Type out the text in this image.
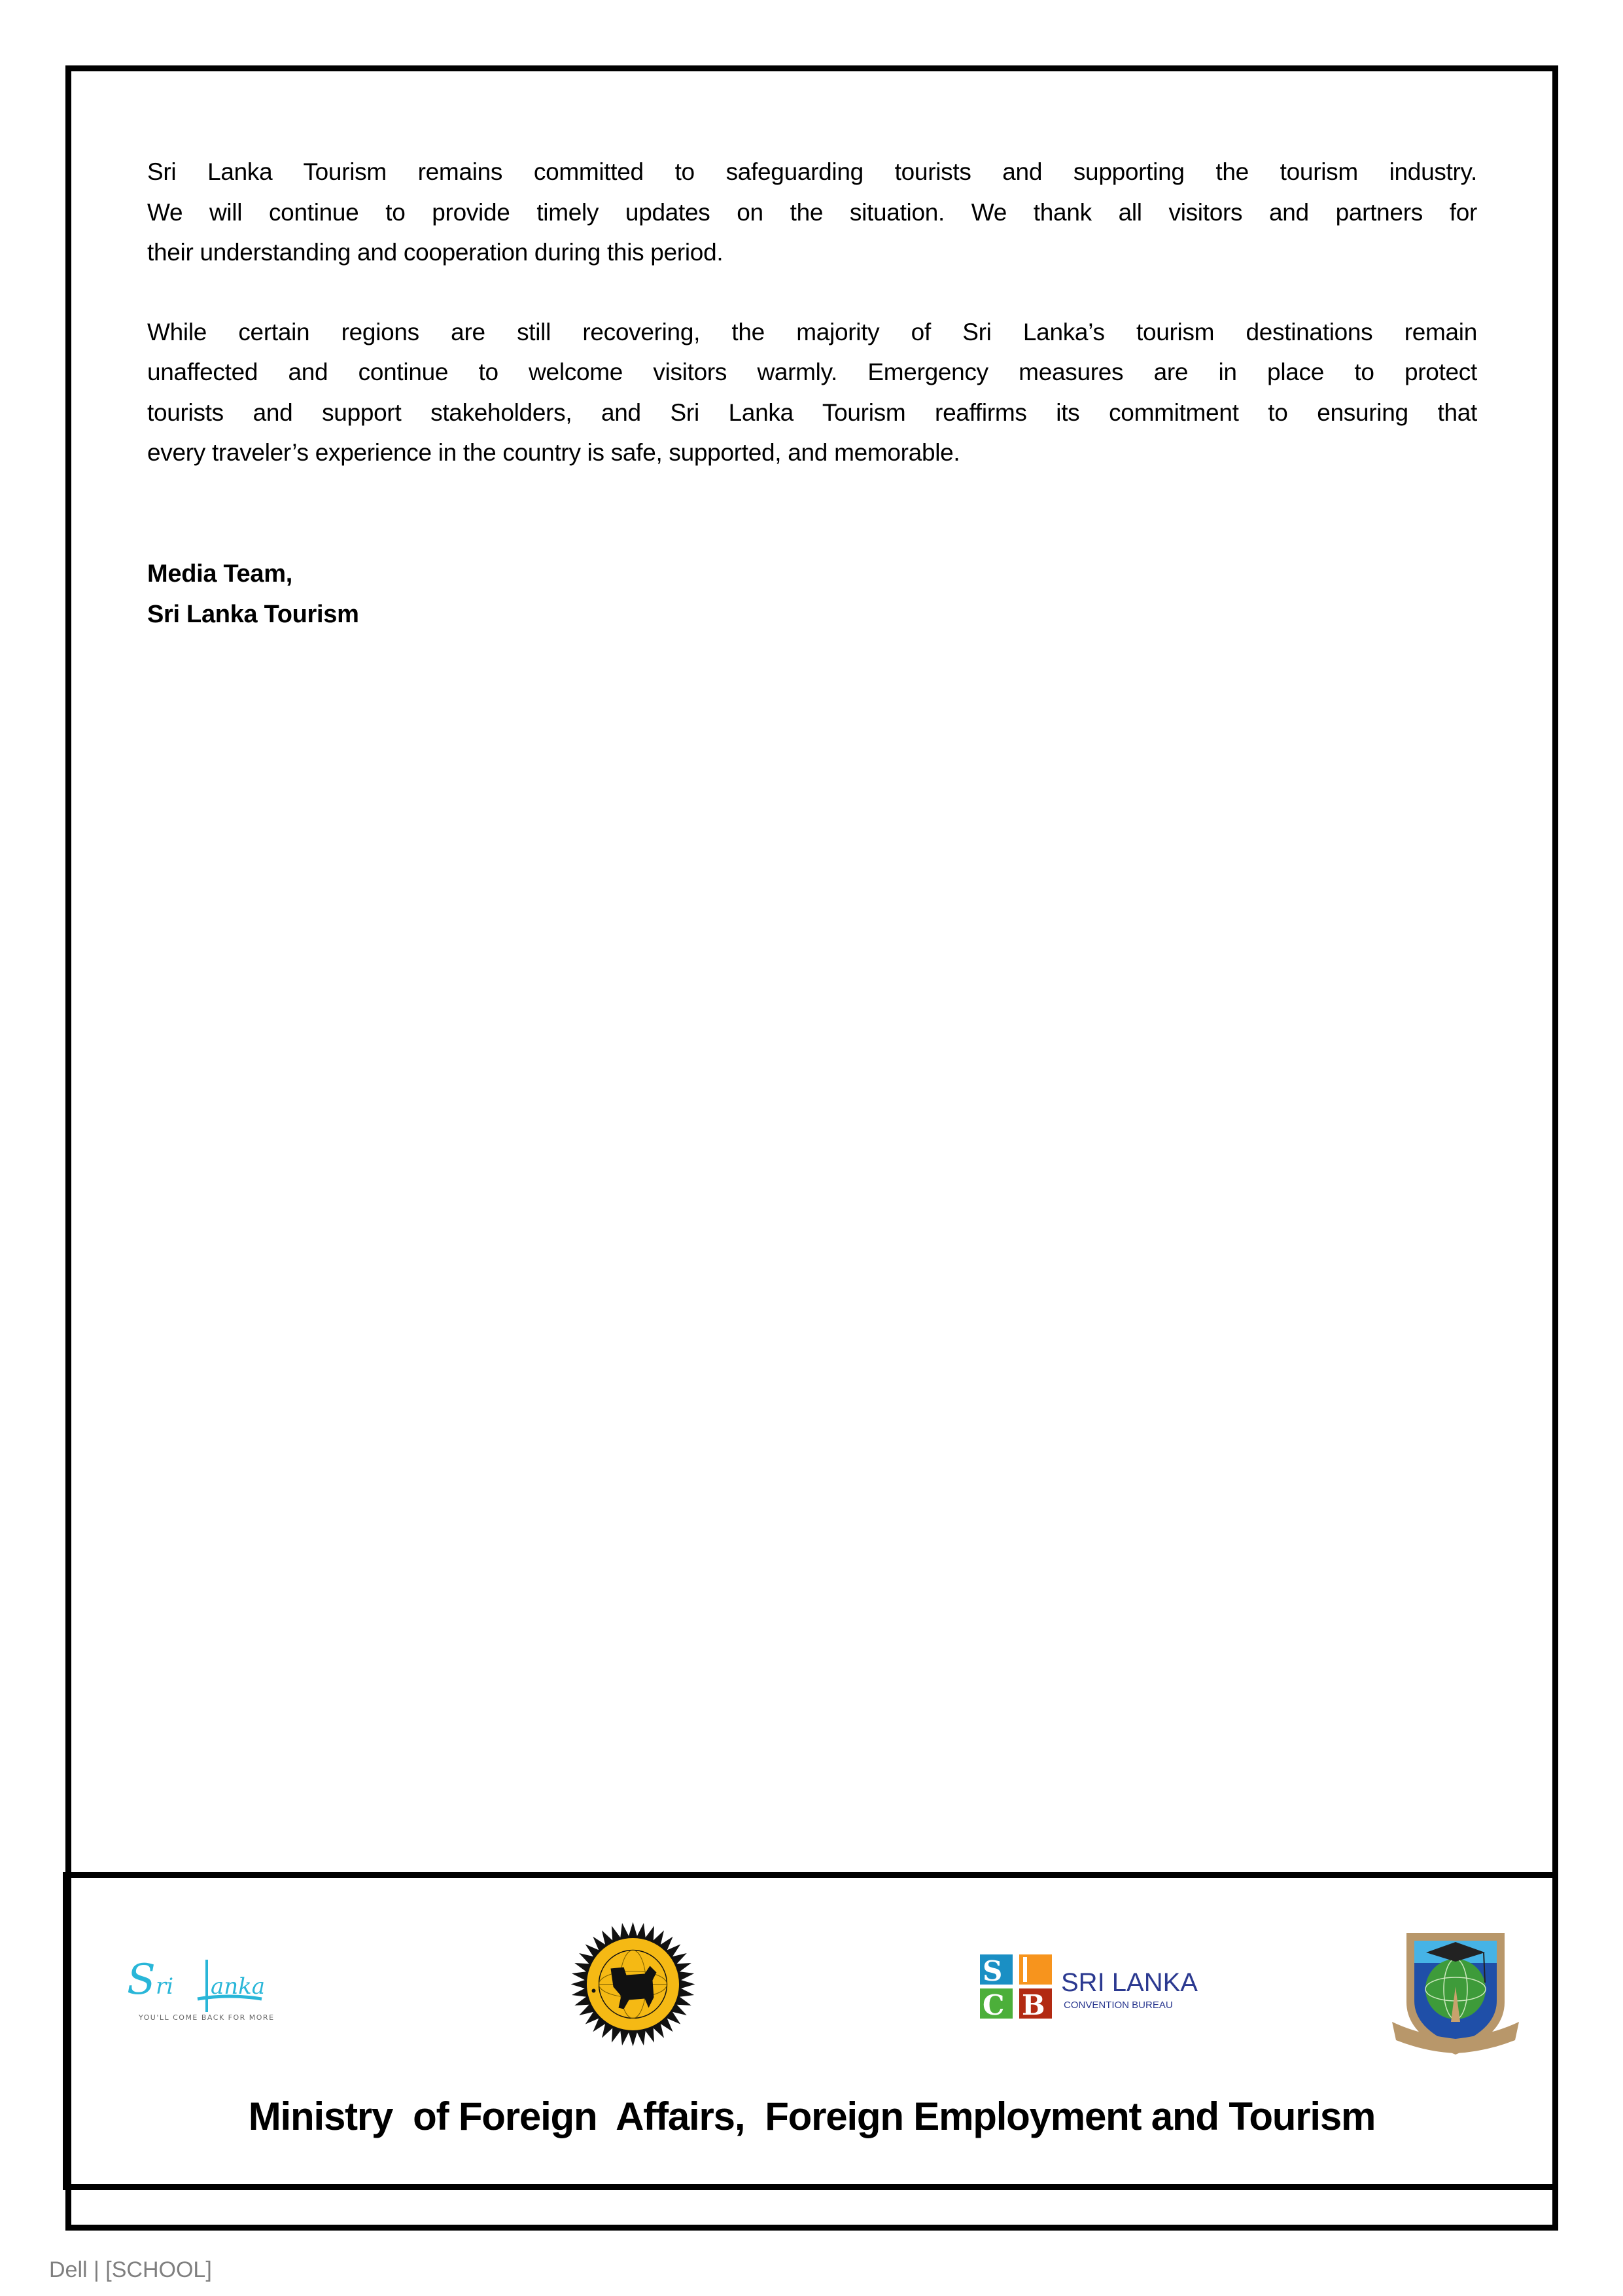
Sri Lanka Tourism remains committed to safeguarding tourists and supporting the tourism industry.
We will continue to provide timely updates on the situation. We thank all visitors and partners for
their understanding and cooperation during this period.

While certain regions are still recovering, the majority of Sri Lanka’s tourism destinations remain
unaffected and continue to welcome visitors warmly. Emergency measures are in place to protect
tourists and support stakeholders, and Sri Lanka Tourism reaffirms its commitment to ensuring that
every traveler’s experience in the country is safe, supported, and memorable.

Media Team,
Sri Lanka Tourism
S ri anka
YOU'LL COME BACK FOR MORE
S
C B
SRI LANKA
CONVENTION BUREAU
Ministry  of Foreign  Affairs,  Foreign Employment and Tourism
Dell | [SCHOOL]
